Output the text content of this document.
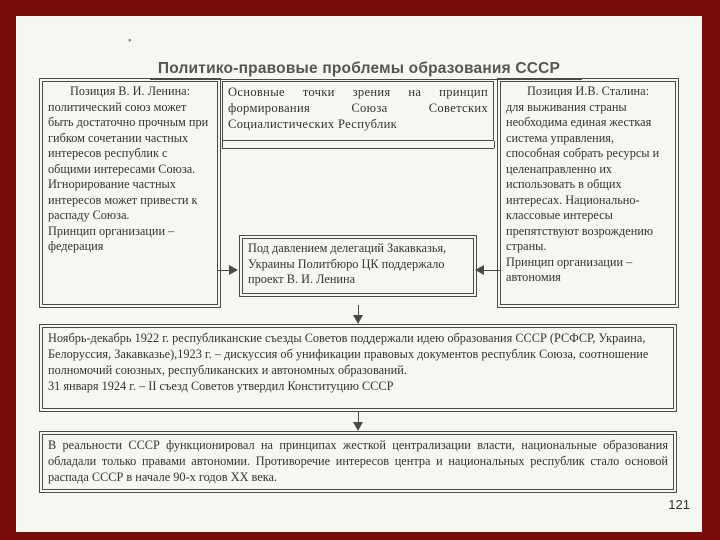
•
Политико-правовые проблемы образования СССР
Позиция В. И. Ленина:
политический союз может быть достаточно прочным при гибком сочетании частных интересов республик с общими интересами Союза. Игнорирование частных интересов может привести к распаду Союза.
Принцип организации – федерация
Основные точки зрения на принцип формирования Союза Советских Социалистических Республик
Позиция И.В. Сталина:
для выживания страны необходима единая жесткая система управления, способная собрать ресурсы и целенаправленно их использовать в общих интересах. Национально-классовые интересы препятствуют возрождению страны.
Принцип организации – автономия
Под давлением делегаций Закавказья, Украины Политбюро ЦК поддержало проект В. И. Ленина
Ноябрь-декабрь 1922 г. республиканские съезды Советов поддержали идею образования СССР (РСФСР, Украина, Белоруссия, Закавказье),1923 г. – дискуссия об унификации правовых документов республик Союза, соотношение полномочий союзных, республиканских и автономных образований.
31 января 1924 г. – II съезд Советов утвердил Конституцию СССР
В реальности СССР функционировал на принципах жесткой централизации власти, национальные образования обладали только правами автономии. Противоречие интересов центра и национальных республик стало основой распада СССР в начале 90-х годов XX века.
121
